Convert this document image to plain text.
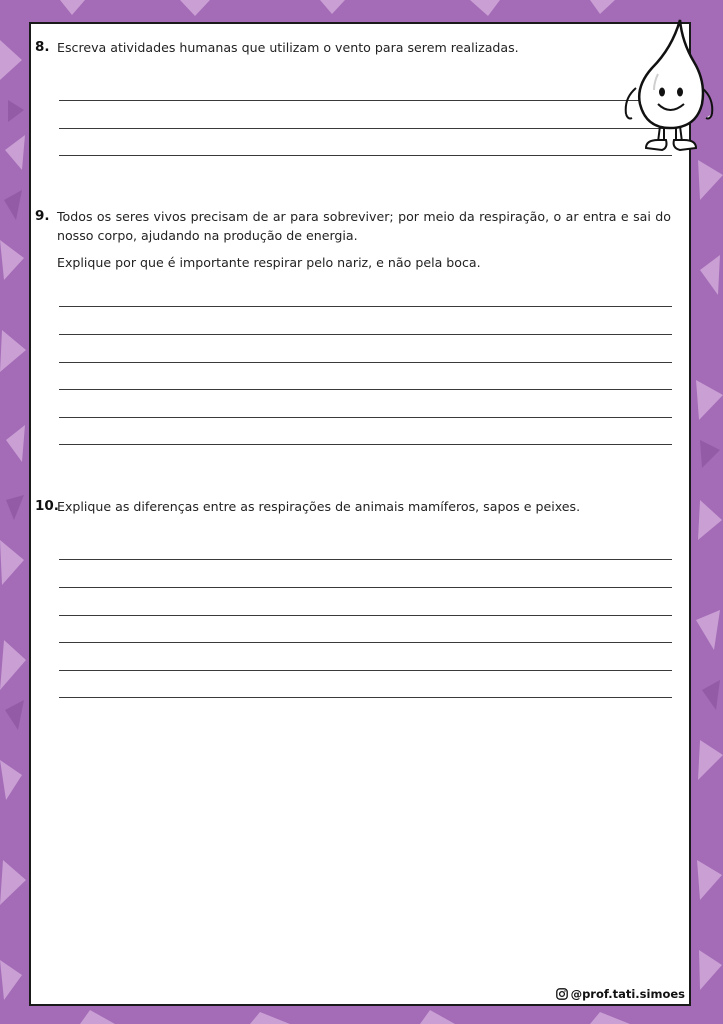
8. Escreva atividades humanas que utilizam o vento para serem realizadas.
9. Todos os seres vivos precisam de ar para sobreviver; por meio da respiração, o ar entra e sai do nosso corpo, ajudando na produção de energia.
Explique por que é importante respirar pelo nariz, e não pela boca.
10.
Explique as diferenças entre as respirações de animais mamíferos, sapos e peixes.
@prof.tati.simoes
